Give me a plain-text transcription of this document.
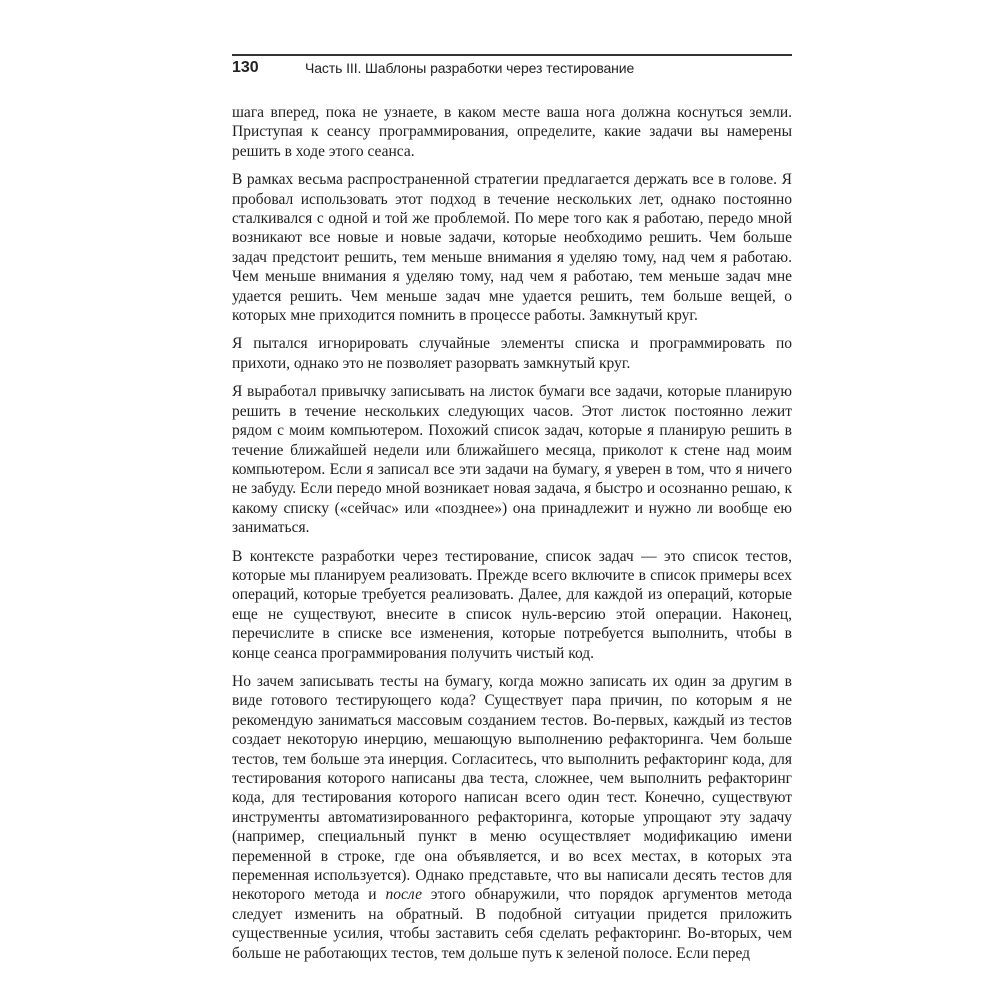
130	Часть III. Шаблоны разработки через тестирование

шага вперед, пока не узнаете, в каком месте ваша нога должна коснуться земли. Приступая к сеансу программирования, определите, какие задачи вы намерены решить в ходе этого сеанса.

В рамках весьма распространенной стратегии предлагается держать все в голове. Я пробовал использовать этот подход в течение нескольких лет, однако постоянно сталкивался с одной и той же проблемой. По мере того как я работаю, передо мной возникают все новые и новые задачи, которые необходимо решить. Чем больше задач предстоит решить, тем меньше внимания я уделяю тому, над чем я работаю. Чем меньше внимания я уделяю тому, над чем я работаю, тем меньше задач мне удается решить. Чем меньше задач мне удается решить, тем больше вещей, о которых мне приходится помнить в процессе работы. Замкнутый круг.

Я пытался игнорировать случайные элементы списка и программировать по прихоти, однако это не позволяет разорвать замкнутый круг.

Я выработал привычку записывать на листок бумаги все задачи, которые планирую решить в течение нескольких следующих часов. Этот листок постоянно лежит рядом с моим компьютером. Похожий список задач, которые я планирую решить в течение ближайшей недели или ближайшего месяца, приколот к стене над моим компьютером. Если я записал все эти задачи на бумагу, я уверен в том, что я ничего не забуду. Если передо мной возникает новая задача, я быстро и осознанно решаю, к какому списку («сейчас» или «позднее») она принадлежит и нужно ли вообще ею заниматься.

В контексте разработки через тестирование, список задач — это список тестов, которые мы планируем реализовать. Прежде всего включите в список примеры всех операций, которые требуется реализовать. Далее, для каждой из операций, которые еще не существуют, внесите в список нуль-версию этой операции. Наконец, перечислите в списке все изменения, которые потребуется выполнить, чтобы в конце сеанса программирования получить чистый код.

Но зачем записывать тесты на бумагу, когда можно записать их один за другим в виде готового тестирующего кода? Существует пара причин, по которым я не рекомендую заниматься массовым созданием тестов. Во-первых, каждый из тестов создает некоторую инерцию, мешающую выполнению рефакторинга. Чем больше тестов, тем больше эта инерция. Согласитесь, что выполнить рефакторинг кода, для тестирования которого написаны два теста, сложнее, чем выполнить рефакторинг кода, для тестирования которого написан всего один тест. Конечно, существуют инструменты автоматизированного рефакторинга, которые упрощают эту задачу (например, специальный пункт в меню осуществляет модификацию имени переменной в строке, где она объявляется, и во всех местах, в которых эта переменная используется). Однако представьте, что вы написали десять тестов для некоторого метода и после этого обнаружили, что порядок аргументов метода следует изменить на обратный. В подобной ситуации придется приложить существенные усилия, чтобы заставить себя сделать рефакторинг. Во-вторых, чем больше не работающих тестов, тем дольше путь к зеленой полосе. Если перед
